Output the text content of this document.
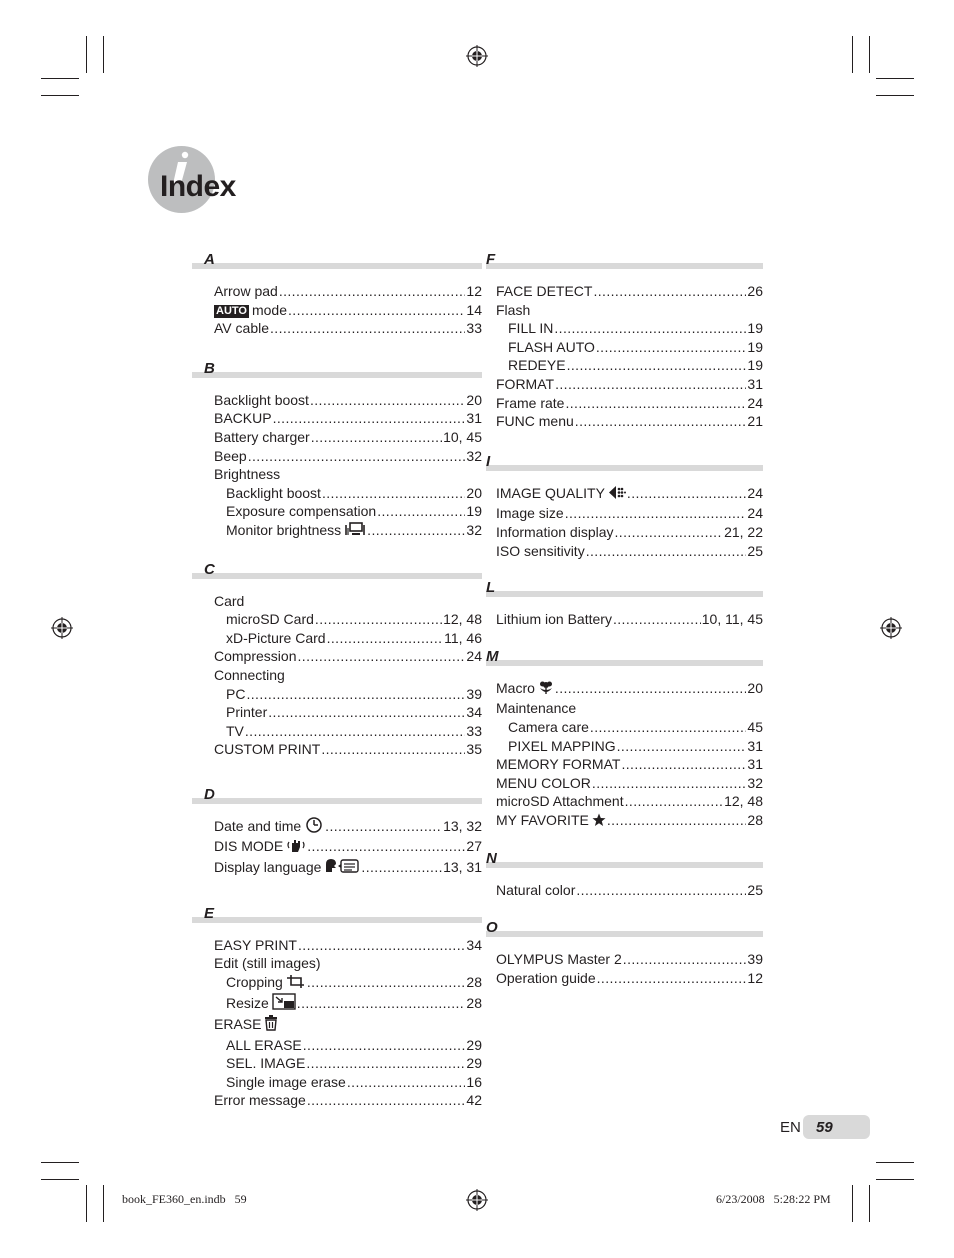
Index
A
Arrow pad .....	12
AUTO mode .....	14
AV cable .....	33
B
Backlight boost .....	20
BACKUP .....	31
Battery charger .....	10, 45
Beep .....	32
Brightness
Backlight boost .....	20
Exposure compensation .....	19
Monitor brightness .....	32
C
Card
microSD Card .....	12, 48
xD-Picture Card .....	11, 46
Compression .....	24
Connecting
PC .....	39
Printer .....	34
TV .....	33
CUSTOM PRINT .....	35
D
Date and time .....	13, 32
DIS MODE .....	27
Display language .....	13, 31
E
EASY PRINT .....	34
Edit (still images)
Cropping .....	28
Resize .....	28
ERASE
ALL ERASE .....	29
SEL. IMAGE .....	29
Single image erase .....	16
Error message .....	42
F
FACE DETECT .....	26
Flash
FILL IN .....	19
FLASH AUTO .....	19
REDEYE .....	19
FORMAT .....	31
Frame rate .....	24
FUNC menu .....	21
I
IMAGE QUALITY .....	24
Image size .....	24
Information display .....	21, 22
ISO sensitivity .....	25
L
Lithium ion Battery .....	10, 11, 45
M
Macro .....	20
Maintenance
Camera care .....	45
PIXEL MAPPING .....	31
MEMORY FORMAT .....	31
MENU COLOR .....	32
microSD Attachment .....	12, 48
MY FAVORITE .....	28
N
Natural color .....	25
O
OLYMPUS Master 2 .....	39
Operation guide .....	12
EN 59
book_FE360_en.indb   59	6/23/2008   5:28:22 PM
